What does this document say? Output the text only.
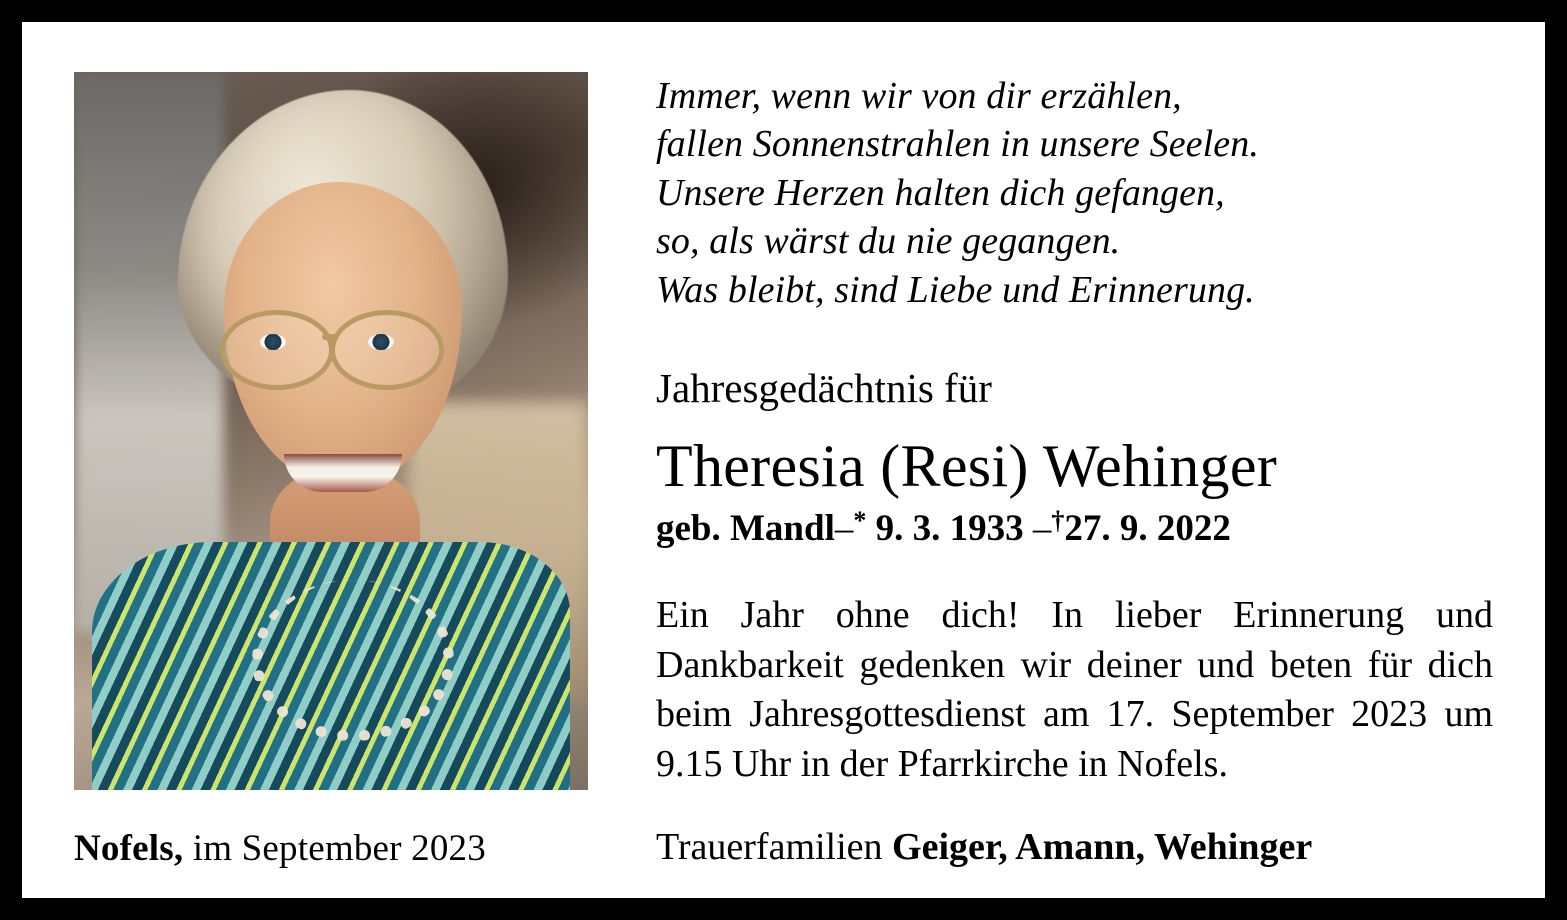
Immer, wenn wir von dir erzählen,
fallen Sonnenstrahlen in unsere Seelen.
Unsere Herzen halten dich gefangen,
so, als wärst du nie gegangen.
Was bleibt, sind Liebe und Erinnerung.
Jahresgedächtnis für
Theresia (Resi) Wehinger
geb. Mandl–* 9. 3. 1933 –†27. 9. 2022
Ein Jahr ohne dich! In lieber Erinnerung und Dankbarkeit gedenken wir deiner und beten für dich beim Jahresgottesdienst am 17. September 2023 um 9.15 Uhr in der Pfarrkirche in Nofels.
Nofels, im September 2023	Trauerfamilien Geiger, Amann, Wehinger
